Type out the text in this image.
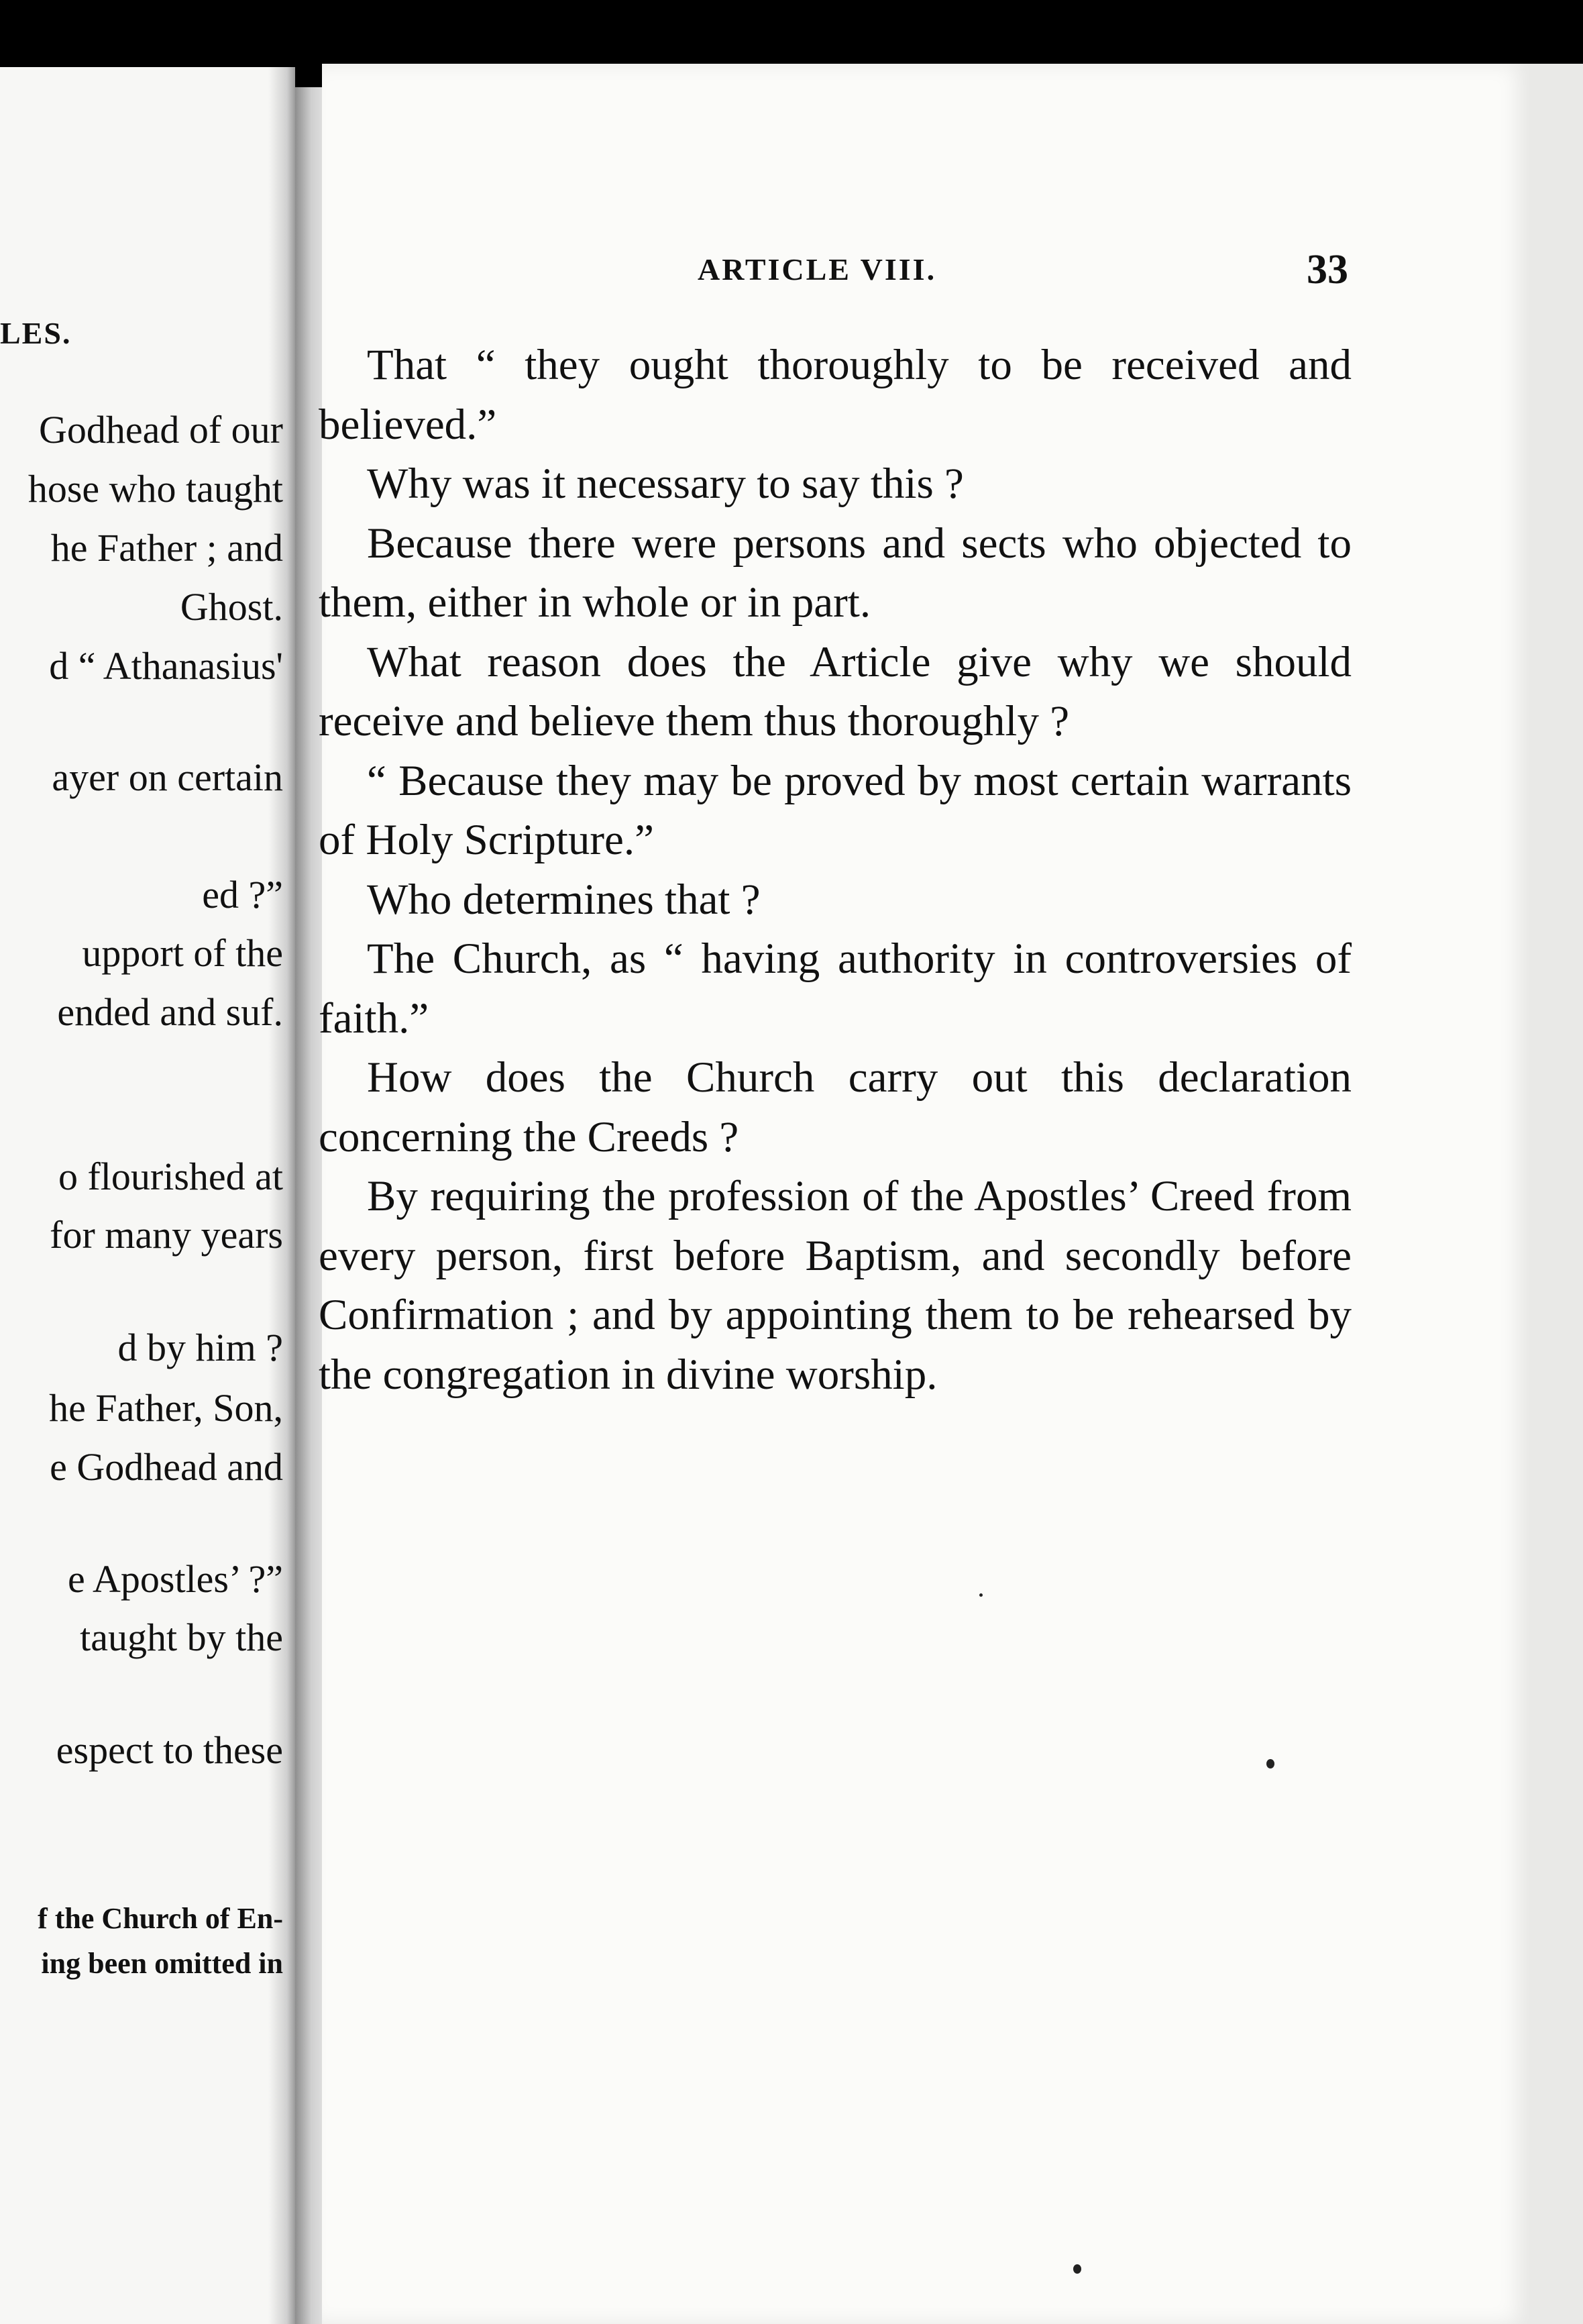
LES.
Godhead of our
hose who taught
he Father ; and
Ghost.
d “ Athanasius'
ayer on certain
ed ?”
upport of the
ended and suf.
o flourished at
for many years
d by him ?
he Father, Son,
e Godhead and
e Apostles’ ?”
taught by the
espect to these
f the Church of En-
ing been omitted in
ARTICLE VIII.	33

That “ they ought thoroughly to be received and believed.”

Why was it necessary to say this ?

Because there were persons and sects who objected to them, either in whole or in part.

What reason does the Article give why we should receive and believe them thus thoroughly ?

“ Because they may be proved by most certain warrants of Holy Scripture.”

Who determines that ?

The Church, as “ having authority in controversies of faith.”

How does the Church carry out this declaration concerning the Creeds ?

By requiring the profession of the Apostles’ Creed from every person, first before Baptism, and secondly before Confirmation ; and by appointing them to be rehearsed by the congregation in divine worship.
